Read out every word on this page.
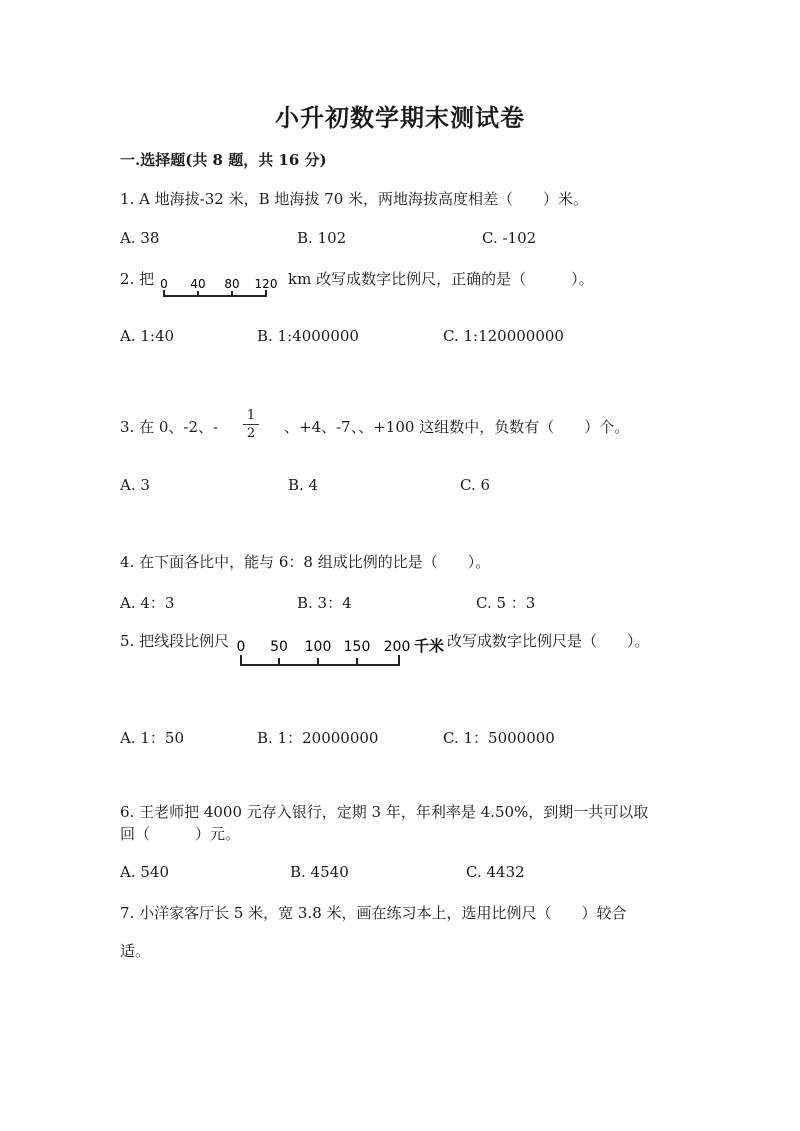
小升初数学期末测试卷
一.选择题(共 8 题，共 16 分)
1. A 地海拔-32 米，B 地海拔 70 米，两地海拔高度相差（　　）米。
A. 38	B. 102	C. -102
2. 把 0 40 80 120 km 改写成数字比例尺，正确的是（　　　）。
A. 1:40	B. 1:4000000	C. 1:120000000
3. 在 0、-2、-
1
2 、+4、-7、、+100 这组数中，负数有（　　）个。
A. 3	B. 4	C. 6
4. 在下面各比中，能与 6：8 组成比例的比是（　　）。
A. 4：3	B. 3：4	C. 5 ：3
5. 把线段比例尺 0 50 100 150 200 千米 改写成数字比例尺是（　　）。
A. 1：50	B. 1：20000000	C. 1：5000000
6. 王老师把 4000 元存入银行，定期 3 年，年利率是 4.50%，到期一共可以取
回（　　　）元。
A. 540	B. 4540	C. 4432
7. 小洋家客厅长 5 米，宽 3.8 米，画在练习本上，选用比例尺（　　）较合
适。
